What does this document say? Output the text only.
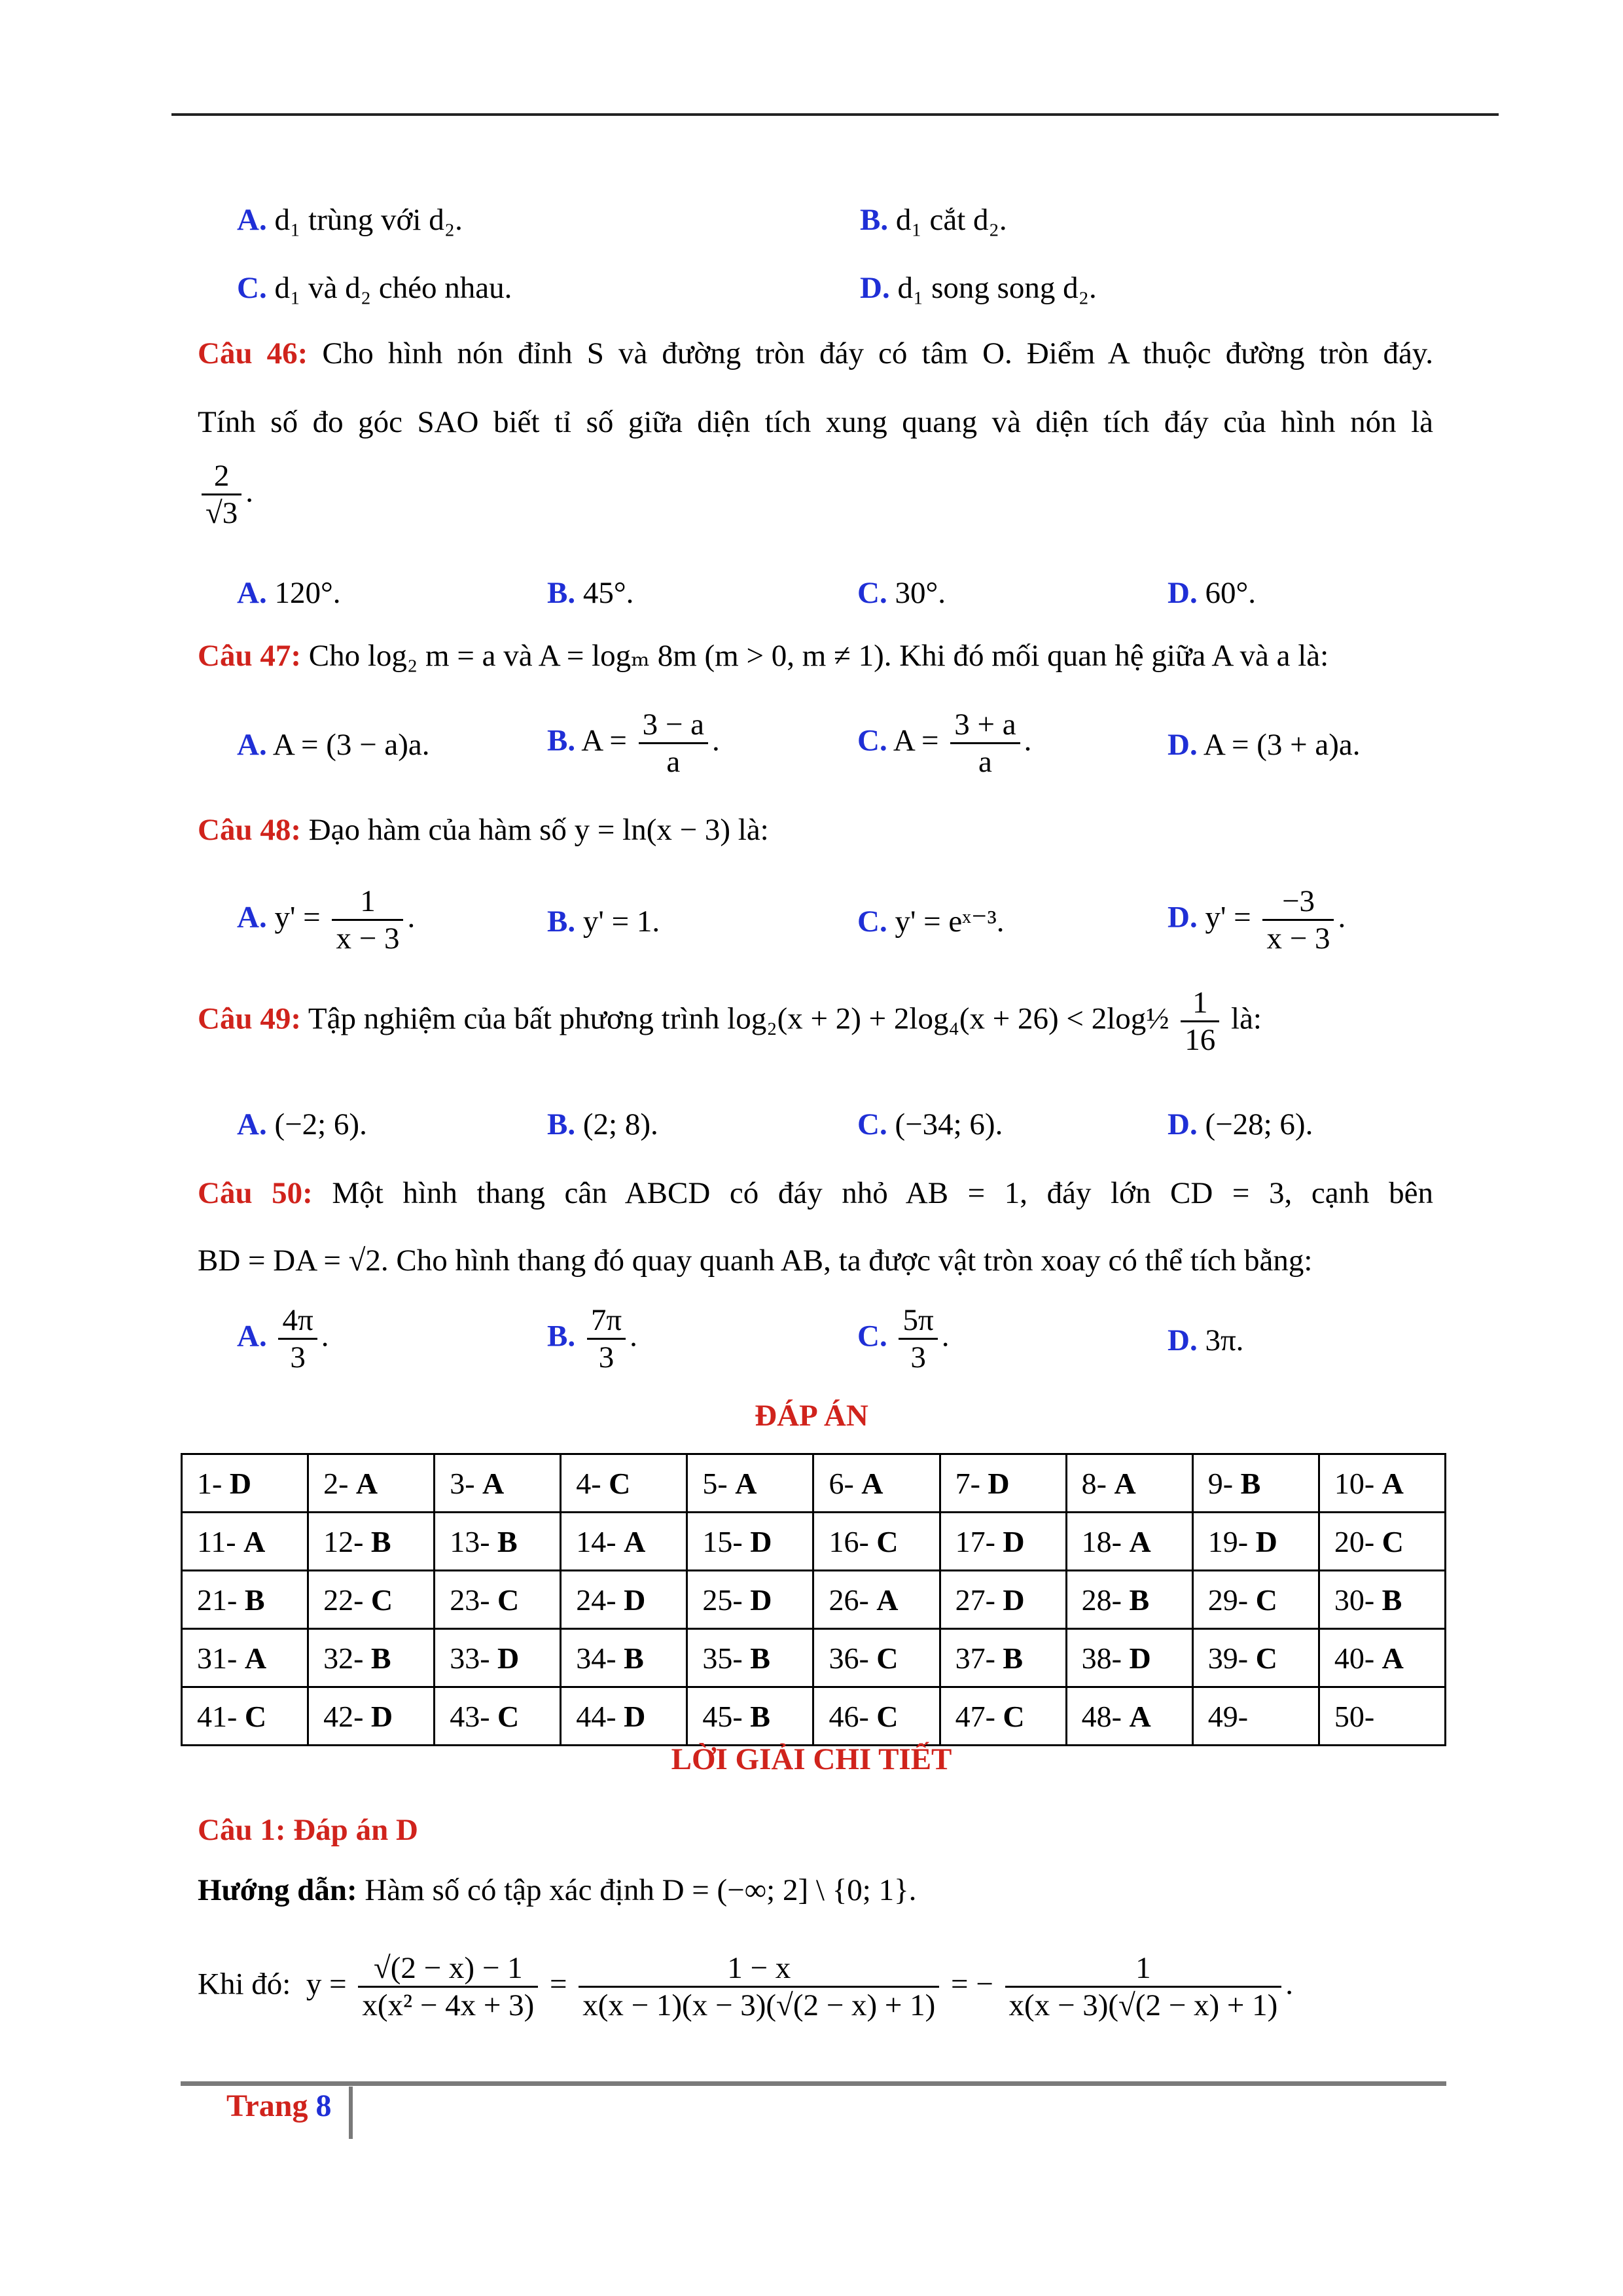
A. d₁ trùng với d₂.	B. d₁ cắt d₂.
C. d₁ và d₂ chéo nhau.	D. d₁ song song d₂.
Câu 46: Cho hình nón đỉnh S và đường tròn đáy có tâm O. Điểm A thuộc đường tròn đáy.
Tính số đo góc SAO biết tỉ số giữa diện tích xung quang và diện tích đáy của hình nón là
$\frac{2}{√3}$ .
A. 120°.	B. 45°.	C. 30°.	D. 60°.
Câu 47: Cho log₂ m = a và A = logₘ 8m (m > 0, m ≠ 1). Khi đó mối quan hệ giữa A và a là:
A. A = (3 − a)a.	B. $A = \frac{3 - a}{a}$ .	C. $A = \frac{3 + a}{a}$ .	D. A = (3 + a)a.
Câu 48: Đạo hàm của hàm số y = ln(x − 3) là:
A. $y' = \frac{1}{x - 3}$ .	B. y' = 1.	C. y' = eˣ⁻³.	D. $y' = \frac{-3}{x - 3}$ .
Câu 49: Tập nghiệm của bất phương trình log₂(x + 2) + 2log₄(x + 26) < 2log½ $\frac{1}{16}$ là:
A. (−2; 6).	B. (2; 8).	C. (−34; 6).	D. (−28; 6).
Câu 50: Một hình thang cân ABCD có đáy nhỏ AB = 1, đáy lớn CD = 3, cạnh bên
BD = DA = √2. Cho hình thang đó quay quanh AB, ta được vật tròn xoay có thể tích bằng:
A. $\frac{4\pi}{3}$ .	B. $\frac{7\pi}{3}$ .	C. $\frac{5\pi}{3}$ .	D. 3π.
ĐÁP ÁN
1- D	2- A	3- A	4- C	5- A	6- A	7- D	8- A	9- B	10- A
11- A	12- B	13- B	14- A	15- D	16- C	17- D	18- A	19- D	20- C
21- B	22- C	23- C	24- D	25- D	26- A	27- D	28- B	29- C	30- B
31- A	32- B	33- D	34- B	35- B	36- C	37- B	38- D	39- C	40- A
41- C	42- D	43- C	44- D	45- B	46- C	47- C	48- A	49-	50-
LỜI GIẢI CHI TIẾT
Câu 1: Đáp án D
Hướng dẫn: Hàm số có tập xác định D = (−∞; 2] \ {0; 1}.
Khi đó: $y = \frac{√(2 - x) - 1}{\text{x(x² − 4x + 3)}} = \frac{1 - x}{x(x - 1)(x - 3)(√(2 - x) + 1)}$ = − $\frac{1}{x(x - 3)(√(2 - x) + 1)}$ .
Trang 8
